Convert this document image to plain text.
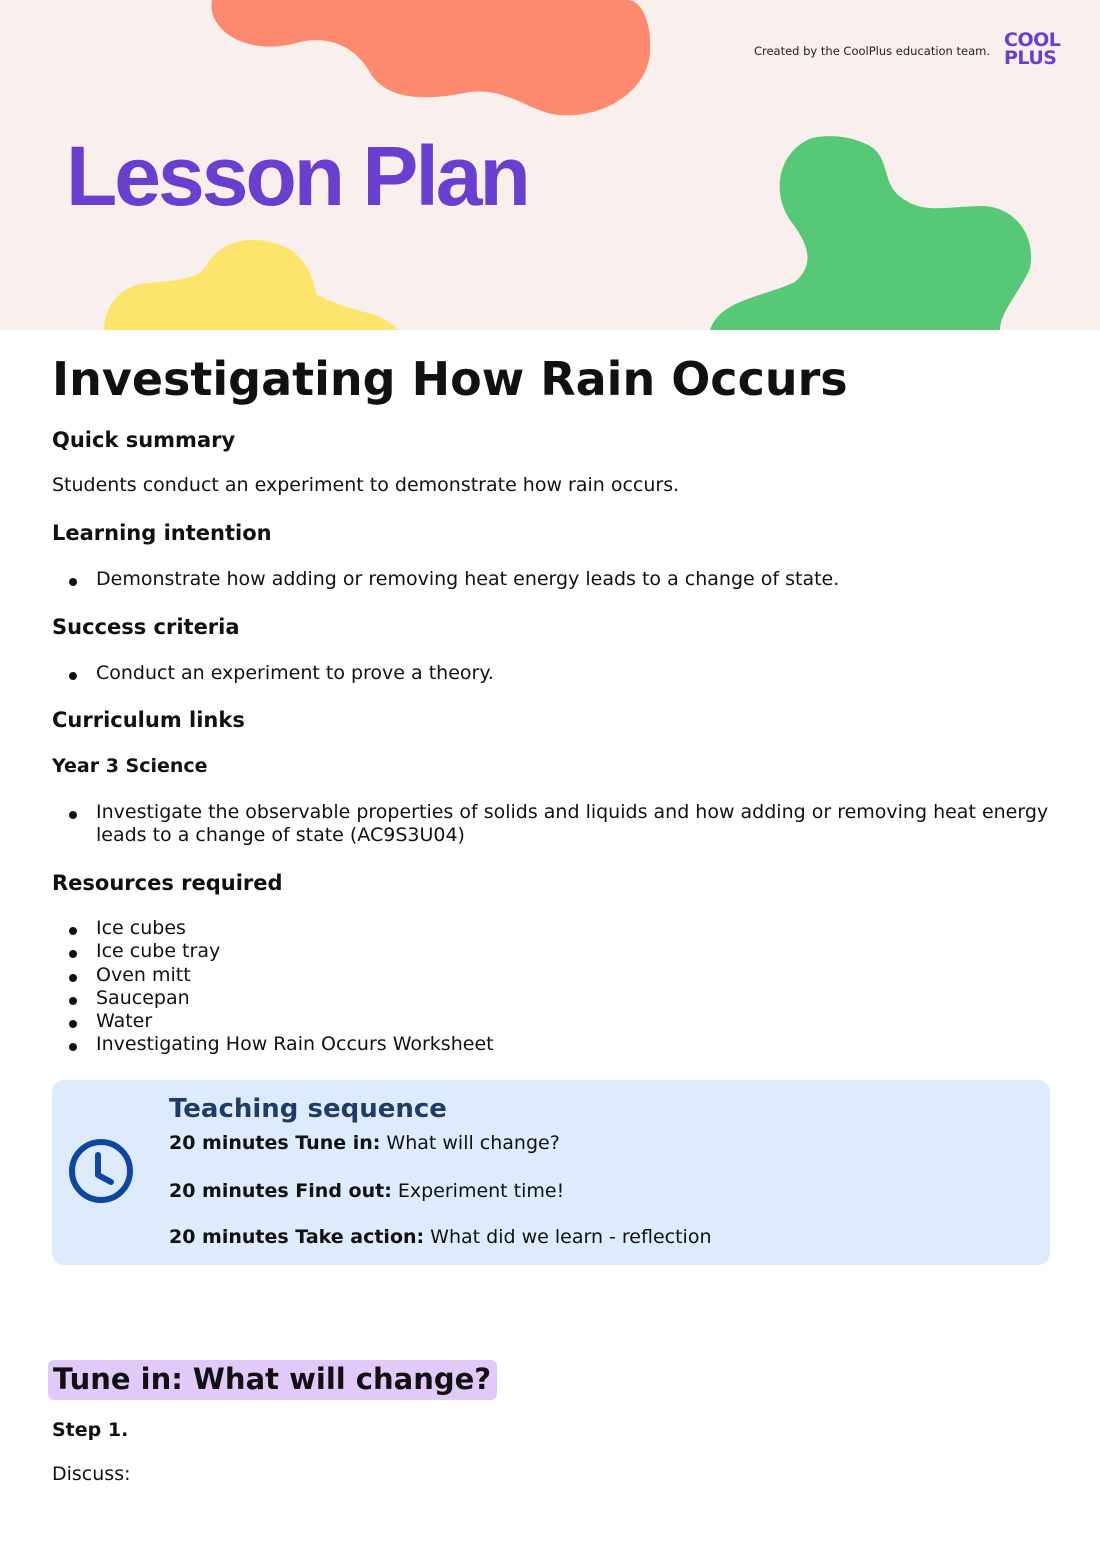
Created by the CoolPlus education team. COOL
PLUS
Lesson Plan
Investigating How Rain Occurs
Quick summary

Students conduct an experiment to demonstrate how rain occurs.

Learning intention
Demonstrate how adding or removing heat energy leads to a change of state.
Success criteria
Conduct an experiment to prove a theory.
Curriculum links
Year 3 Science
Investigate the observable properties of solids and liquids and how adding or removing heat energy leads to a change of state (AC9S3U04)
Resources required
Ice cubes
Ice cube tray
Oven mitt
Saucepan
Water
Investigating How Rain Occurs Worksheet
Teaching sequence

20 minutes Tune in: What will change?

20 minutes Find out: Experiment time!

20 minutes Take action: What did we learn - reflection

Tune in: What will change?
Step 1.

Discuss:
